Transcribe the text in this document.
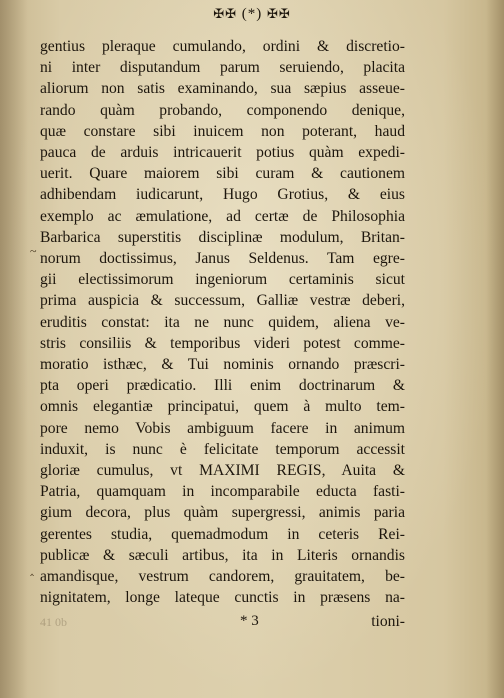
✠✠ (*) ✠✠
~
‸
gentius pleraque cumulando, ordini & discretio-
ni inter disputandum parum seruiendo, placita
aliorum non satis examinando, sua sæpius asseue-
rando quàm probando, componendo denique,
quæ constare sibi inuicem non poterant, haud
pauca de arduis intricauerit potius quàm expedi-
uerit. Quare maiorem sibi curam & cautionem
adhibendam iudicarunt, Hugo Grotius, & eius
exemplo ac æmulatione, ad certæ de Philosophia
Barbarica superstitis disciplinæ modulum, Britan-
norum doctissimus, Janus Seldenus. Tam egre-
gii electissimorum ingeniorum certaminis sicut
prima auspicia & successum, Galliæ vestræ deberi,
eruditis constat: ita ne nunc quidem, aliena ve-
stris consiliis & temporibus videri potest comme-
moratio isthæc, & Tui nominis ornando præscri-
pta operi prædicatio. Illi enim doctrinarum &
omnis elegantiæ principatui, quem à multo tem-
pore nemo Vobis ambiguum facere in animum
induxit, is nunc è felicitate temporum accessit
gloriæ cumulus, vt MAXIMI REGIS, Auita &
Patria, quamquam in incomparabile educta fasti-
gium decora, plus quàm supergressi, animis paria
gerentes studia, quemadmodum in ceteris Rei-
publicæ & sæculi artibus, ita in Literis ornandis
amandisque, vestrum candorem, grauitatem, be-
nignitatem, longe lateque cunctis in præsens na-
41 0b	* 3	tioni-
